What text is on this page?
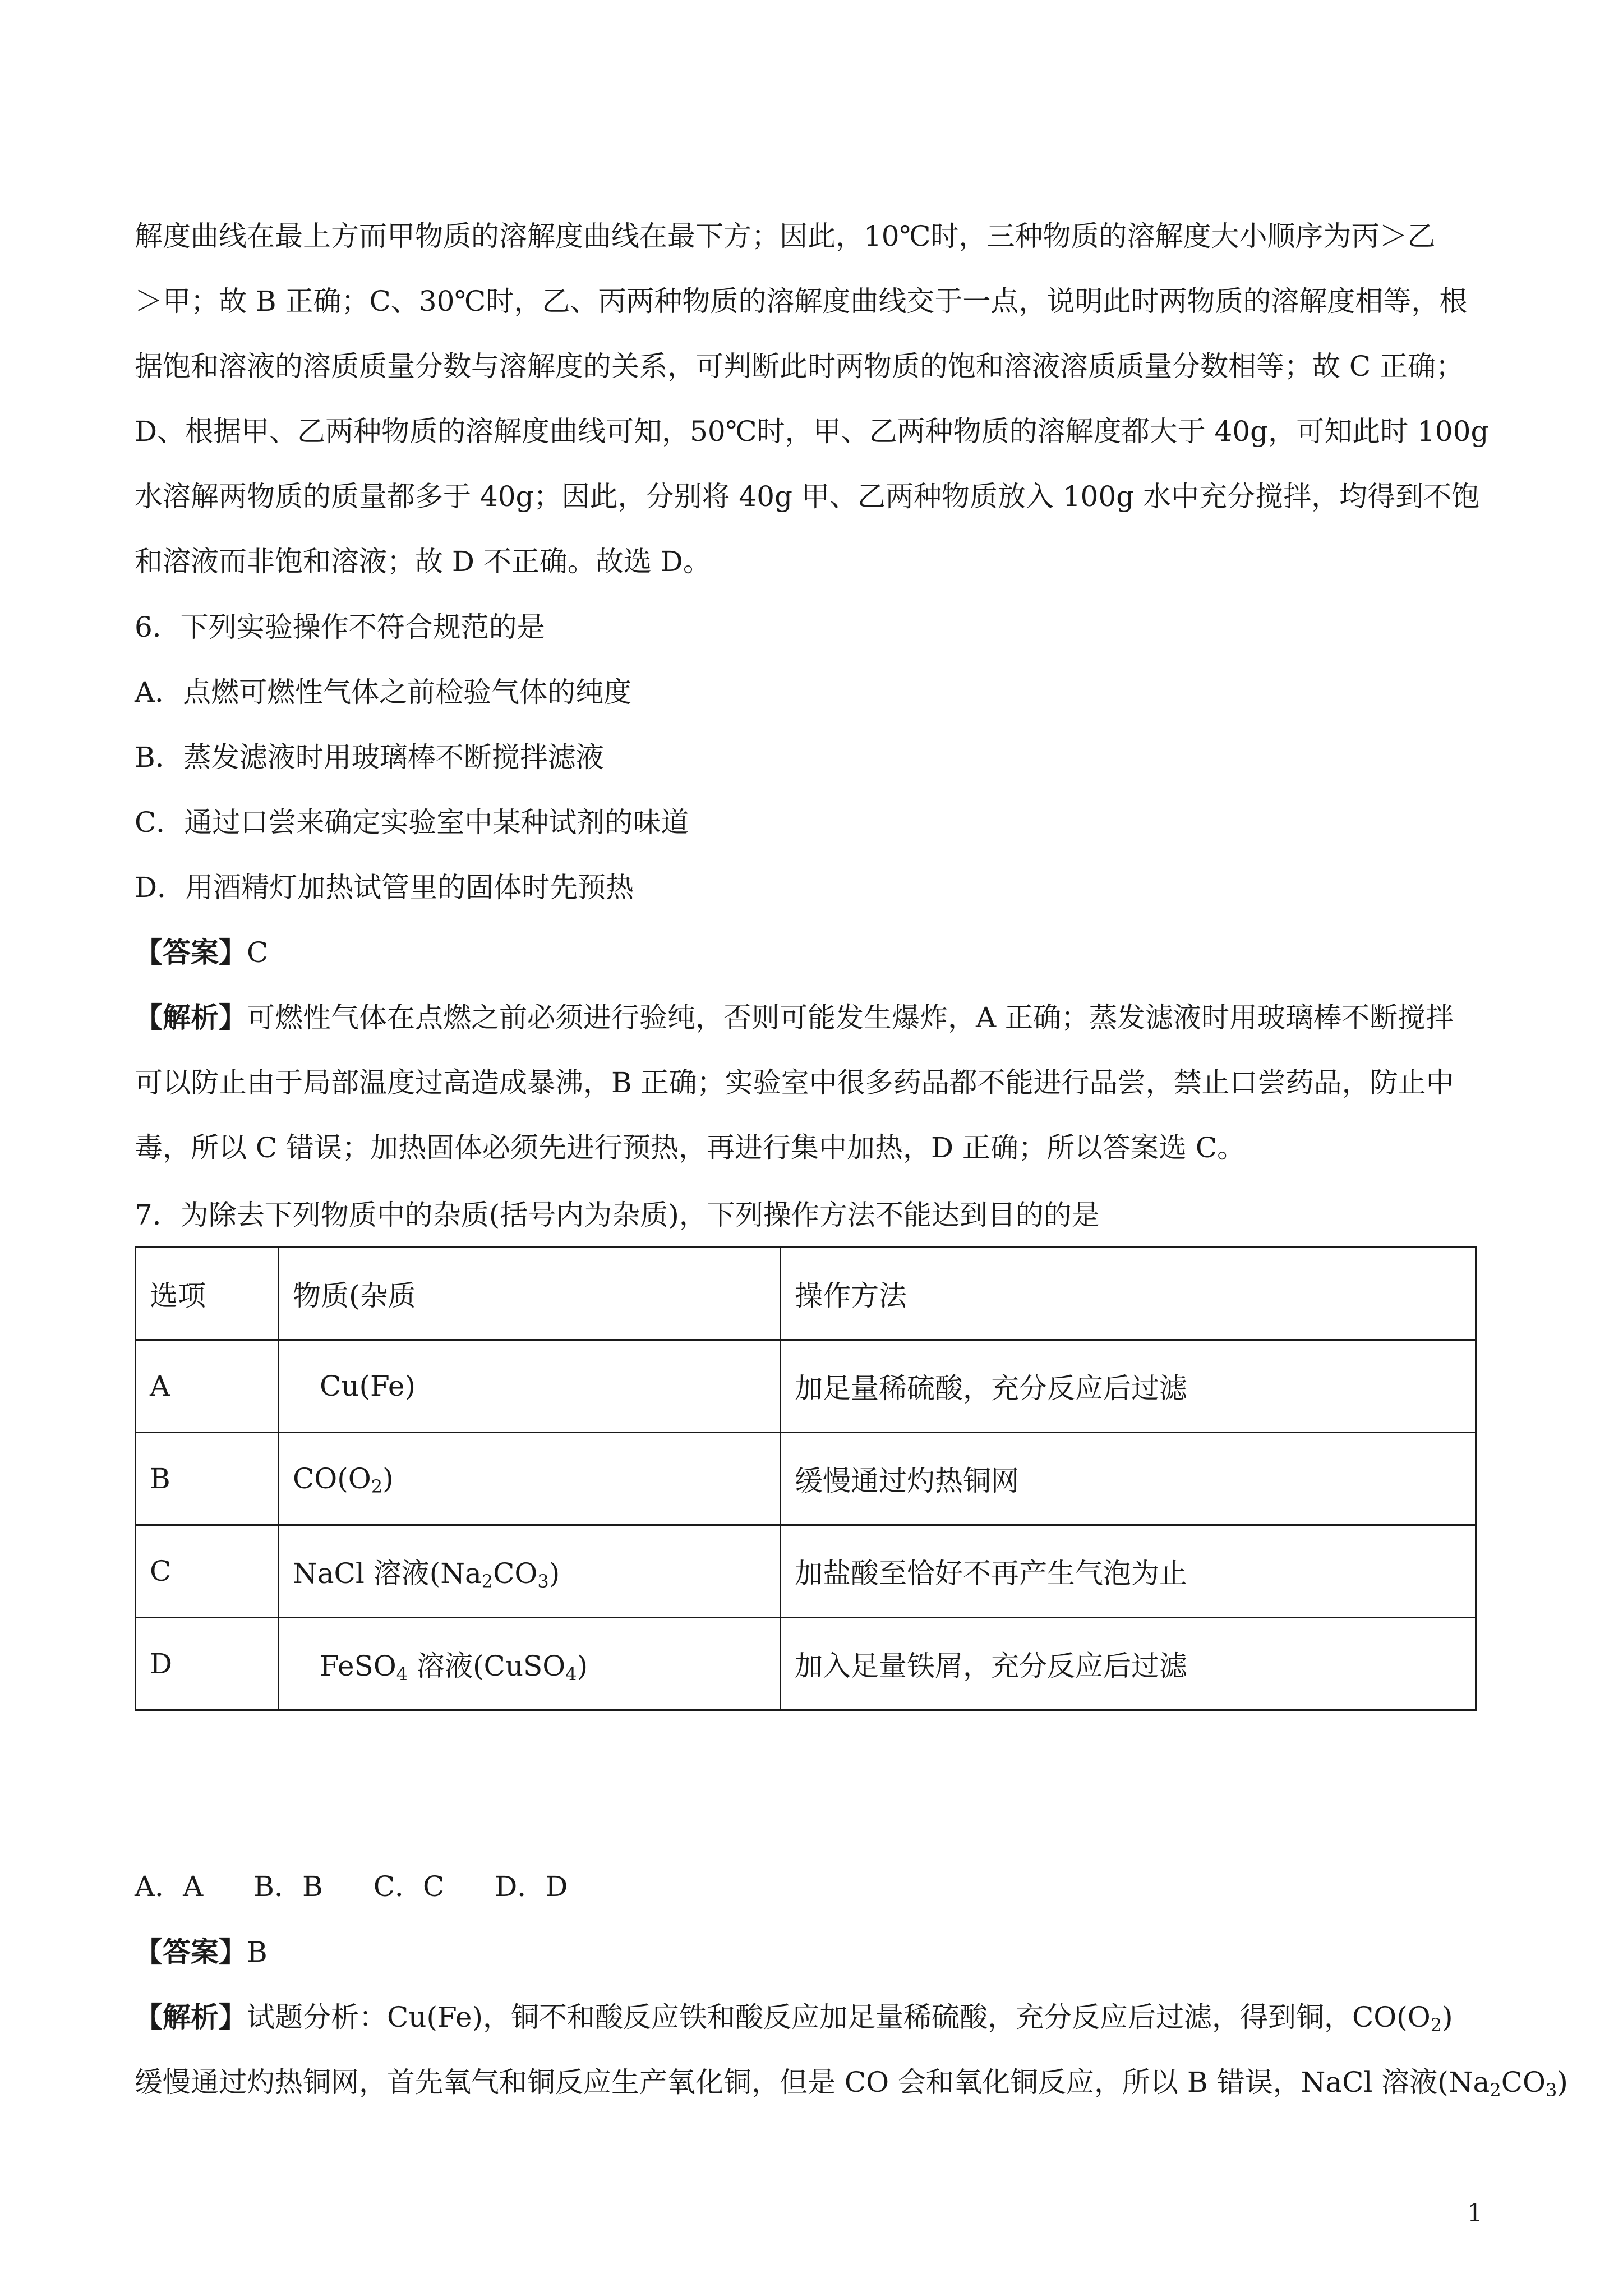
解度曲线在最上方而甲物质的溶解度曲线在最下方；因此，10℃时，三种物质的溶解度大小顺序为丙＞乙
＞甲；故 B 正确；C、30℃时，乙、丙两种物质的溶解度曲线交于一点，说明此时两物质的溶解度相等，根
据饱和溶液的溶质质量分数与溶解度的关系，可判断此时两物质的饱和溶液溶质质量分数相等；故 C 正确；
D、根据甲、乙两种物质的溶解度曲线可知，50℃时，甲、乙两种物质的溶解度都大于 40g，可知此时 100g
水溶解两物质的质量都多于 40g；因此，分别将 40g 甲、乙两种物质放入 100g 水中充分搅拌，均得到不饱
和溶液而非饱和溶液；故 D 不正确。故选 D。
6．下列实验操作不符合规范的是
A．点燃可燃性气体之前检验气体的纯度
B．蒸发滤液时用玻璃棒不断搅拌滤液
C．通过口尝来确定实验室中某种试剂的味道
D．用酒精灯加热试管里的固体时先预热
【答案】C
【解析】可燃性气体在点燃之前必须进行验纯，否则可能发生爆炸，A 正确；蒸发滤液时用玻璃棒不断搅拌
可以防止由于局部温度过高造成暴沸，B 正确；实验室中很多药品都不能进行品尝，禁止口尝药品，防止中
毒，所以 C 错误；加热固体必须先进行预热，再进行集中加热，D 正确；所以答案选 C。
7．为除去下列物质中的杂质(括号内为杂质)，下列操作方法不能达到目的的是
选项	物质(杂质	操作方法
A	Cu(Fe)	加足量稀硫酸，充分反应后过滤
B	$CO(O_2)$	缓慢通过灼热铜网
C	NaCl 溶液$(Na_2CO_3)$	加盐酸至恰好不再产生气泡为止
D	FeSO$_4$ 溶液(CuSO$_4$)	加入足量铁屑，充分反应后过滤
A．A B．B C．C D．D
【答案】B
【解析】试题分析：Cu(Fe)，铜不和酸反应铁和酸反应加足量稀硫酸，充分反应后过滤，得到铜，$CO(O_2)$
缓慢通过灼热铜网，首先氧气和铜反应生产氧化铜，但是 CO 会和氧化铜反应，所以 B 错误，NaCl 溶液$(Na_2CO_3)$
1
